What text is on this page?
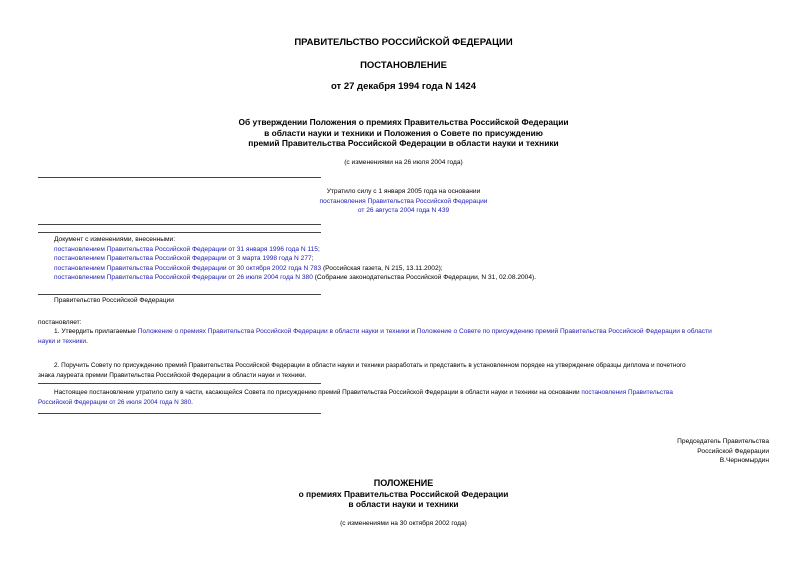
ПРАВИТЕЛЬСТВО РОССИЙСКОЙ ФЕДЕРАЦИИ
ПОСТАНОВЛЕНИЕ
от 27 декабря 1994 года N 1424
Об утверждении Положения о премиях Правительства Российской Федерации
в области науки и техники и Положения о Совете по присуждению
премий Правительства Российской Федерации в области науки и техники
(с изменениями на 26 июля 2004 года)
Утратило силу с 1 января 2005 года на основании
постановления Правительства Российской Федерации
от 26 августа 2004 года N 439
Документ с изменениями, внесенными:
постановлением Правительства Российской Федерации от 31 января 1996 года N 115;
постановлением Правительства Российской Федерации от 3 марта 1998 года N 277;
постановлением Правительства Российской Федерации от 30 октября 2002 года N 783 (Российская газета, N 215, 13.11.2002);
постановлением Правительства Российской Федерации от 26 июля 2004 года N 380 (Собрание законодательства Российской Федерации, N 31, 02.08.2004).
Правительство Российской Федерации
постановляет:
1. Утвердить прилагаемые Положение о премиях Правительства Российской Федерации в области науки и техники и Положение о Совете по присуждению премий Правительства Российской Федерации в области
науки и техники.
2. Поручить Совету по присуждению премий Правительства Российской Федерации в области науки и техники разработать и представить в установленном порядке на утверждение образцы диплома и почетного
знака лауреата премии Правительства Российской Федерации в области науки и техники.
Настоящее постановление утратило силу в части, касающейся Совета по присуждению премий Правительства Российской Федерации в области науки и техники на основании постановления Правительства
Российской Федерации от 26 июля 2004 года N 380.
Председатель Правительства
Российской Федерации
В.Черномырдин
ПОЛОЖЕНИЕ
о премиях Правительства Российской Федерации
в области науки и техники
(с изменениями на 30 октября 2002 года)
